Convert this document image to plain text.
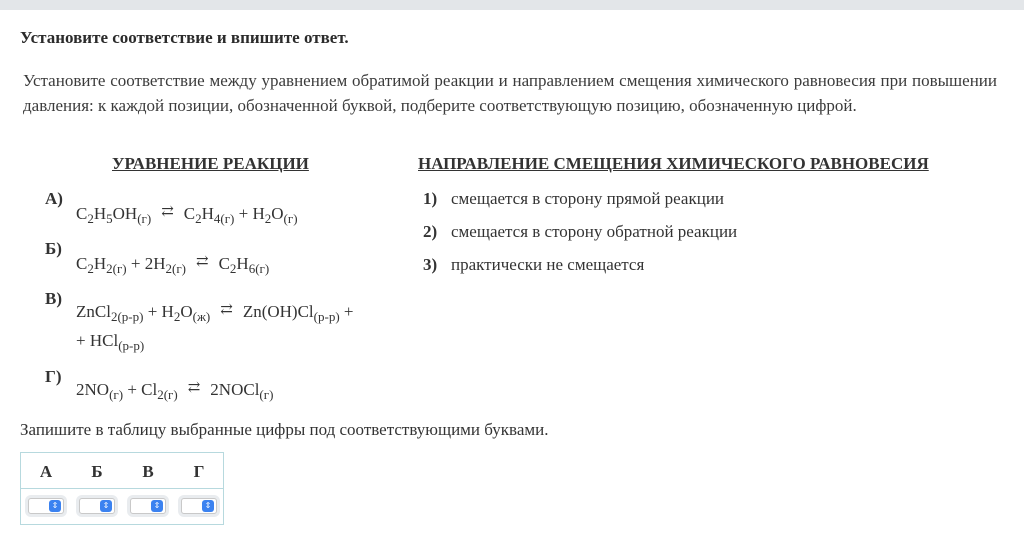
Установите соответствие и впишите ответ.
Установите соответствие между уравнением обратимой реакции и направлением смещения химического равновесия при повышении давления: к каждой позиции, обозначенной буквой, подберите соответствующую позицию, обозначенную цифрой.
УРАВНЕНИЕ РЕАКЦИИ	НАПРАВЛЕНИЕ СМЕЩЕНИЯ ХИМИЧЕСКОГО РАВНОВЕСИЯ
А)
$C_2H_5OH_{(г)}$ ⇄ $C_2H_{4(г)} + H_2O_{(г)}$
Б)
$C_2H_{2(г)} + 2H_{2(г)}$ ⇄ $C_2H_{6(г)}$
В)
ZnCl$_{2(р-р)}$ + $H_2O_{(ж)}$ ⇄ $Zn(OH)Cl_{(р-р)}$ +
+ HCl$_{(р-р)}$
Г)
$2NO_{(г)} + Cl_{2(г)}$ ⇄ 2NOCl$_{(г)}$
1) смещается в сторону прямой реакции
2) смещается в сторону обратной реакции
3) практически не смещается
Запишите в таблицу выбранные цифры под соответствующими буквами.
А	Б	В	Г
⇕	⇕	⇕	⇕
